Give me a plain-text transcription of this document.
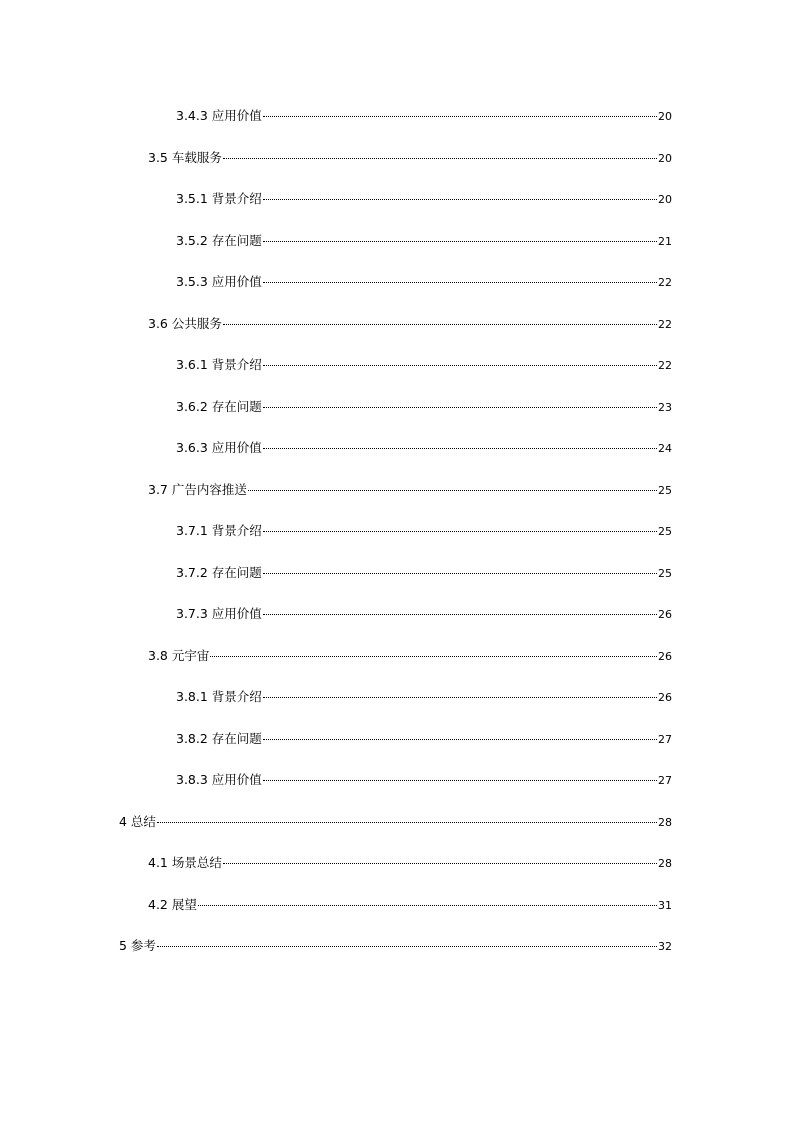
3.4.3 应用价值	20
3.5 车载服务	20
3.5.1 背景介绍	20
3.5.2 存在问题	21
3.5.3 应用价值	22
3.6 公共服务	22
3.6.1 背景介绍	22
3.6.2 存在问题	23
3.6.3 应用价值	24
3.7 广告内容推送	25
3.7.1 背景介绍	25
3.7.2 存在问题	25
3.7.3 应用价值	26
3.8 元宇宙	26
3.8.1 背景介绍	26
3.8.2 存在问题	27
3.8.3 应用价值	27
4 总结	28
4.1 场景总结	28
4.2 展望	31
5 参考	32
